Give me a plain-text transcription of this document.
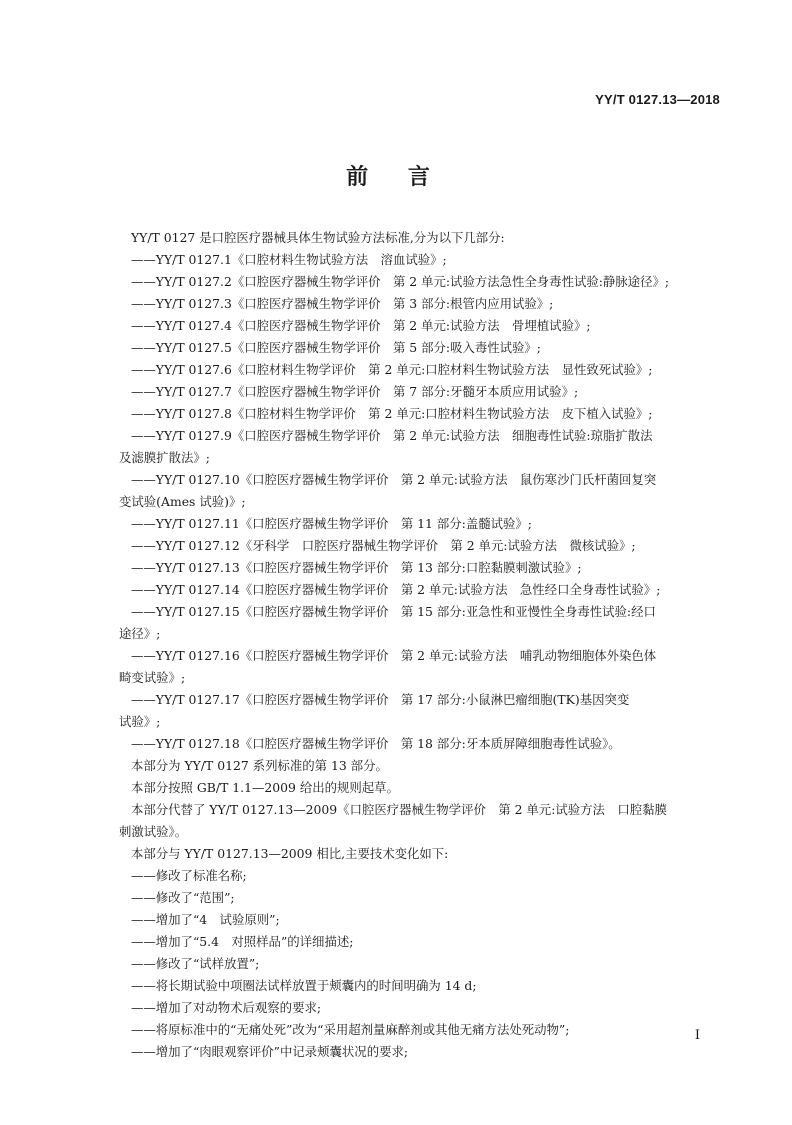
YY/T 0127.13—2018
前 言

YY/T 0127 是口腔医疗器械具体生物试验方法标准,分为以下几部分:

——YY/T 0127.1《口腔材料生物试验方法　溶血试验》;

——YY/T 0127.2《口腔医疗器械生物学评价　第 2 单元:试验方法急性全身毒性试验:静脉途径》;

——YY/T 0127.3《口腔医疗器械生物学评价　第 3 部分:根管内应用试验》;

——YY/T 0127.4《口腔医疗器械生物学评价　第 2 单元:试验方法　骨埋植试验》;

——YY/T 0127.5《口腔医疗器械生物学评价　第 5 部分:吸入毒性试验》;

——YY/T 0127.6《口腔材料生物学评价　第 2 单元:口腔材料生物试验方法　显性致死试验》;

——YY/T 0127.7《口腔医疗器械生物学评价　第 7 部分:牙髓牙本质应用试验》;

——YY/T 0127.8《口腔材料生物学评价　第 2 单元:口腔材料生物试验方法　皮下植入试验》;

——YY/T 0127.9《口腔医疗器械生物学评价　第 2 单元:试验方法　细胞毒性试验:琼脂扩散法

及滤膜扩散法》;

——YY/T 0127.10《口腔医疗器械生物学评价　第 2 单元:试验方法　鼠伤寒沙门氏杆菌回复突

变试验(Ames 试验)》;

——YY/T 0127.11《口腔医疗器械生物学评价　第 11 部分:盖髓试验》;

——YY/T 0127.12《牙科学　口腔医疗器械生物学评价　第 2 单元:试验方法　微核试验》;

——YY/T 0127.13《口腔医疗器械生物学评价　第 13 部分:口腔黏膜刺激试验》;

——YY/T 0127.14《口腔医疗器械生物学评价　第 2 单元:试验方法　急性经口全身毒性试验》;

——YY/T 0127.15《口腔医疗器械生物学评价　第 15 部分:亚急性和亚慢性全身毒性试验:经口

途径》;

——YY/T 0127.16《口腔医疗器械生物学评价　第 2 单元:试验方法　哺乳动物细胞体外染色体

畸变试验》;

——YY/T 0127.17《口腔医疗器械生物学评价　第 17 部分:小鼠淋巴瘤细胞(TK)基因突变

试验》;

——YY/T 0127.18《口腔医疗器械生物学评价　第 18 部分:牙本质屏障细胞毒性试验》。

本部分为 YY/T 0127 系列标准的第 13 部分。

本部分按照 GB/T 1.1—2009 给出的规则起草。

本部分代替了 YY/T 0127.13—2009《口腔医疗器械生物学评价　第 2 单元:试验方法　口腔黏膜

刺激试验》。

本部分与 YY/T 0127.13—2009 相比,主要技术变化如下:

——修改了标准名称;

——修改了“范围”;

——增加了“4　试验原则”;

——增加了“5.4　对照样品”的详细描述;

——修改了“试样放置”;

——将长期试验中项圈法试样放置于颊囊内的时间明确为 14 d;

——增加了对动物术后观察的要求;

——将原标准中的“无痛处死”改为“采用超剂量麻醉剂或其他无痛方法处死动物”;

——增加了“肉眼观察评价”中记录颊囊状况的要求;

I
